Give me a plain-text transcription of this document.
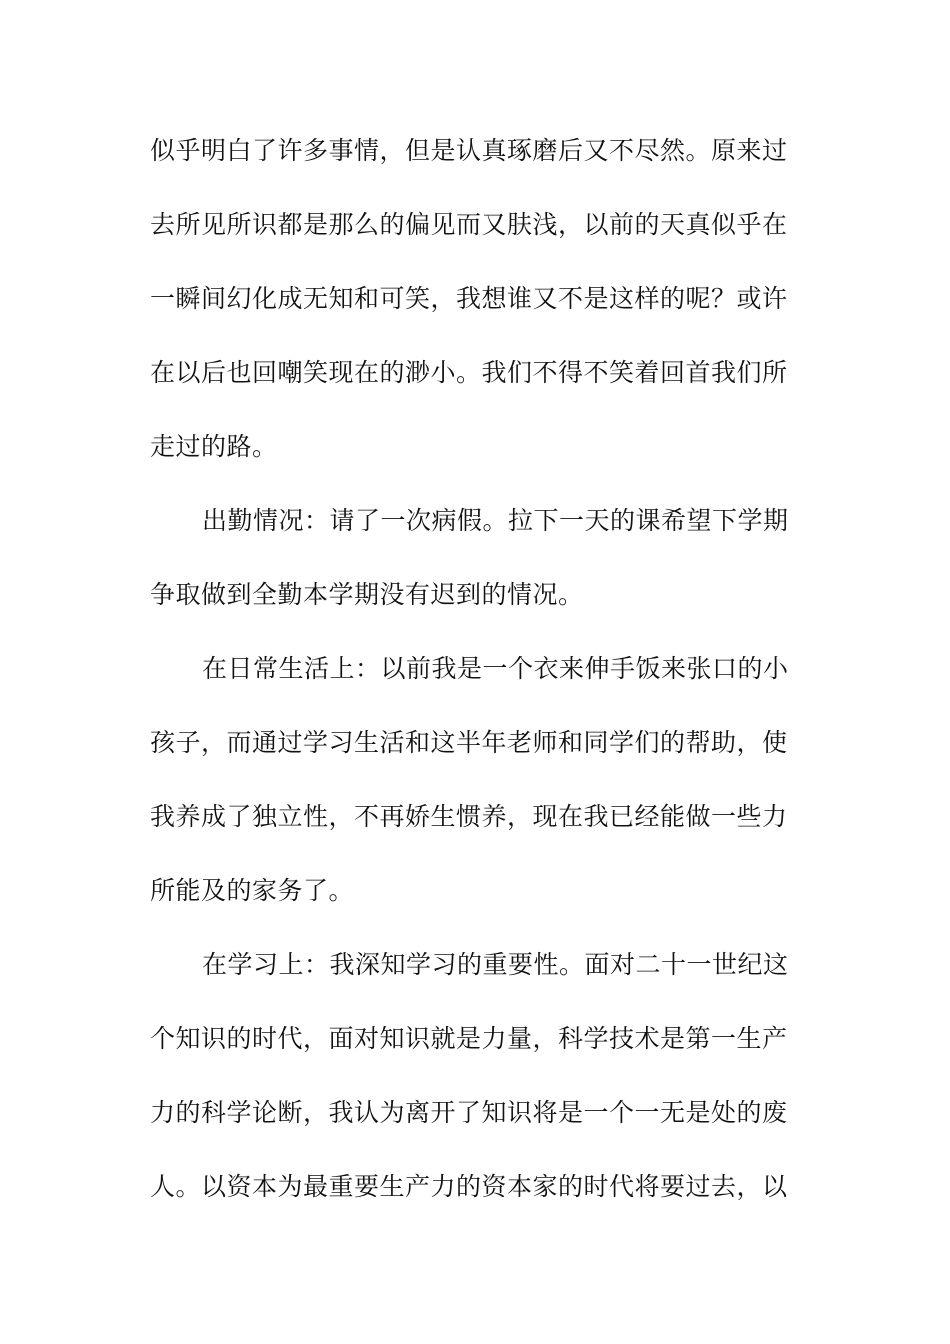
似乎明白了许多事情，但是认真琢磨后又不尽然。原来过
去所见所识都是那么的偏见而又肤浅，以前的天真似乎在
一瞬间幻化成无知和可笑，我想谁又不是这样的呢？或许
在以后也回嘲笑现在的渺小。我们不得不笑着回首我们所
走过的路。
出勤情况：请了一次病假。拉下一天的课希望下学期
争取做到全勤本学期没有迟到的情况。
在日常生活上：以前我是一个衣来伸手饭来张口的小
孩子，而通过学习生活和这半年老师和同学们的帮助，使
我养成了独立性，不再娇生惯养，现在我已经能做一些力
所能及的家务了。
在学习上：我深知学习的重要性。面对二十一世纪这
个知识的时代，面对知识就是力量，科学技术是第一生产
力的科学论断，我认为离开了知识将是一个一无是处的废
人。以资本为最重要生产力的资本家的时代将要过去，以
